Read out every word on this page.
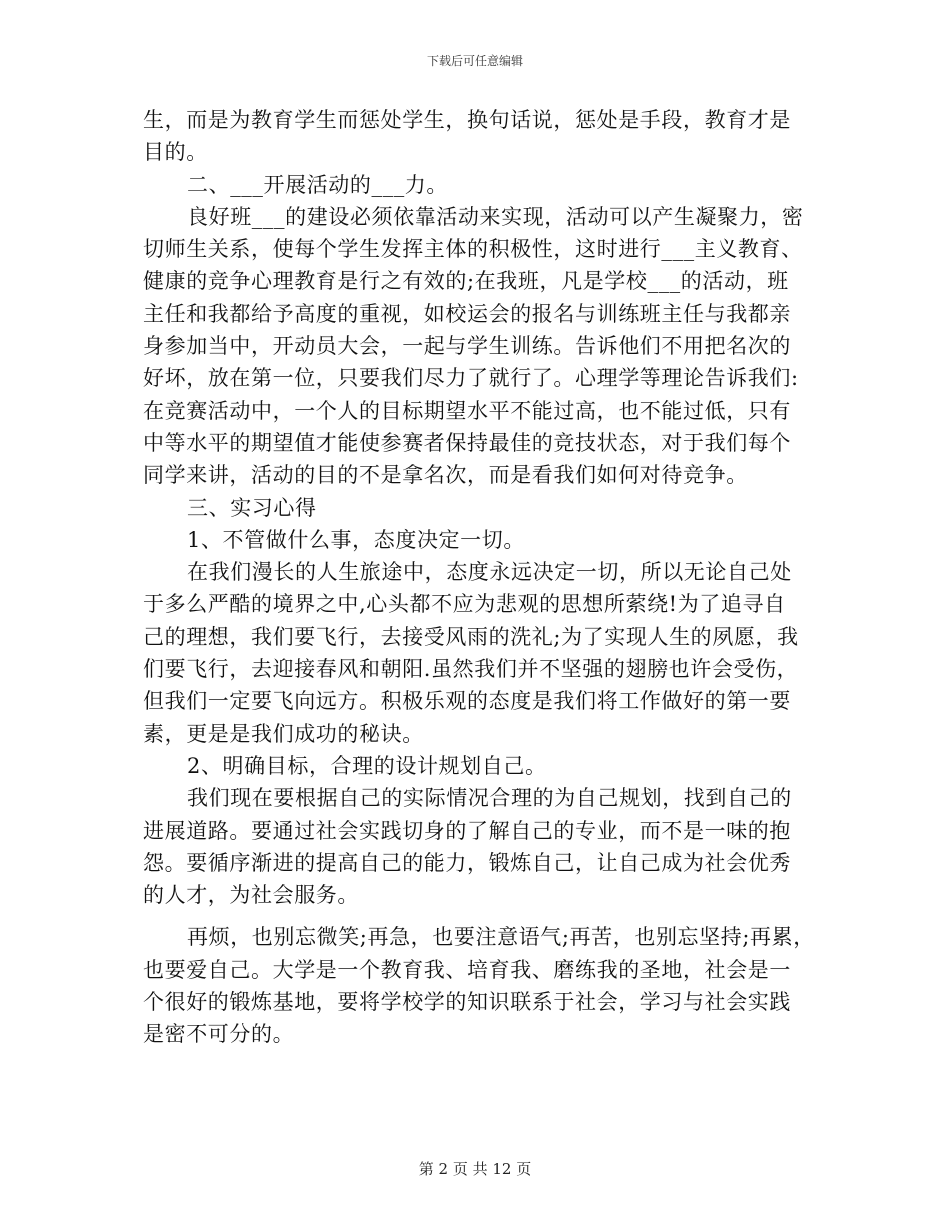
下载后可任意编辑
生，而是为教育学生而惩处学生，换句话说，惩处是手段，教育才是
目的。
二、___开展活动的___力。
良好班___的建设必须依靠活动来实现，活动可以产生凝聚力，密
切师生关系，使每个学生发挥主体的积极性，这时进行___主义教育、
健康的竞争心理教育是行之有效的;在我班，凡是学校___的活动，班
主任和我都给予高度的重视，如校运会的报名与训练班主任与我都亲
身参加当中，开动员大会，一起与学生训练。告诉他们不用把名次的
好坏，放在第一位，只要我们尽力了就行了。心理学等理论告诉我们:
在竞赛活动中，一个人的目标期望水平不能过高，也不能过低，只有
中等水平的期望值才能使参赛者保持最佳的竞技状态，对于我们每个
同学来讲，活动的目的不是拿名次，而是看我们如何对待竞争。
三、实习心得
1、不管做什么事，态度决定一切。
在我们漫长的人生旅途中，态度永远决定一切，所以无论自己处
于多么严酷的境界之中,心头都不应为悲观的思想所萦绕!为了追寻自
己的理想，我们要飞行，去接受风雨的洗礼;为了实现人生的夙愿，我
们要飞行，去迎接春风和朝阳.虽然我们并不坚强的翅膀也许会受伤，
但我们一定要飞向远方。积极乐观的态度是我们将工作做好的第一要
素，更是是我们成功的秘诀。
2、明确目标，合理的设计规划自己。
我们现在要根据自己的实际情况合理的为自己规划，找到自己的
进展道路。要通过社会实践切身的了解自己的专业，而不是一味的抱
怨。要循序渐进的提高自己的能力，锻炼自己，让自己成为社会优秀
的人才，为社会服务。
再烦，也别忘微笑;再急，也要注意语气;再苦，也别忘坚持;再累，
也要爱自己。大学是一个教育我、培育我、磨练我的圣地，社会是一
个很好的锻炼基地，要将学校学的知识联系于社会，学习与社会实践
是密不可分的。
第 2 页 共 12 页
